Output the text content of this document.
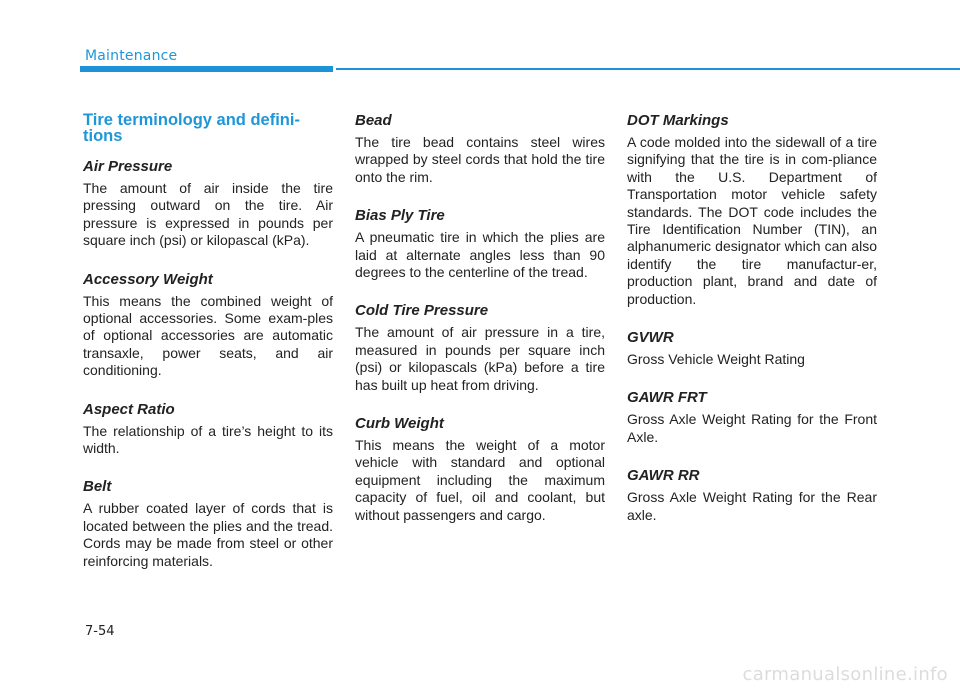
Maintenance
Tire terminology and defini-
tions
Air Pressure

The amount of air inside the tire pressing outward on the tire. Air pressure is expressed in pounds per square inch (psi) or kilopascal (kPa).

Accessory Weight

This means the combined weight of optional accessories. Some exam-ples of optional accessories are automatic transaxle, power seats, and air conditioning.

Aspect Ratio

The relationship of a tire’s height to its width.

Belt

A rubber coated layer of cords that is located between the plies and the tread. Cords may be made from steel or other reinforcing materials.

Bead

The tire bead contains steel wires wrapped by steel cords that hold the tire onto the rim.

Bias Ply Tire

A pneumatic tire in which the plies are laid at alternate angles less than 90 degrees to the centerline of the tread.

Cold Tire Pressure

The amount of air pressure in a tire, measured in pounds per square inch (psi) or kilopascals (kPa) before a tire has built up heat from driving.

Curb Weight

This means the weight of a motor vehicle with standard and optional equipment including the maximum capacity of fuel, oil and coolant, but without passengers and cargo.

DOT Markings

A code molded into the sidewall of a tire signifying that the tire is in com-pliance with the U.S. Department of Transportation motor vehicle safety standards. The DOT code includes the Tire Identification Number (TIN), an alphanumeric designator which can also identify the tire manufactur-er, production plant, brand and date of production.

GVWR

Gross Vehicle Weight Rating

GAWR FRT

Gross Axle Weight Rating for the Front Axle.

GAWR RR

Gross Axle Weight Rating for the Rear axle.

7-54
carmanualsonline.info
